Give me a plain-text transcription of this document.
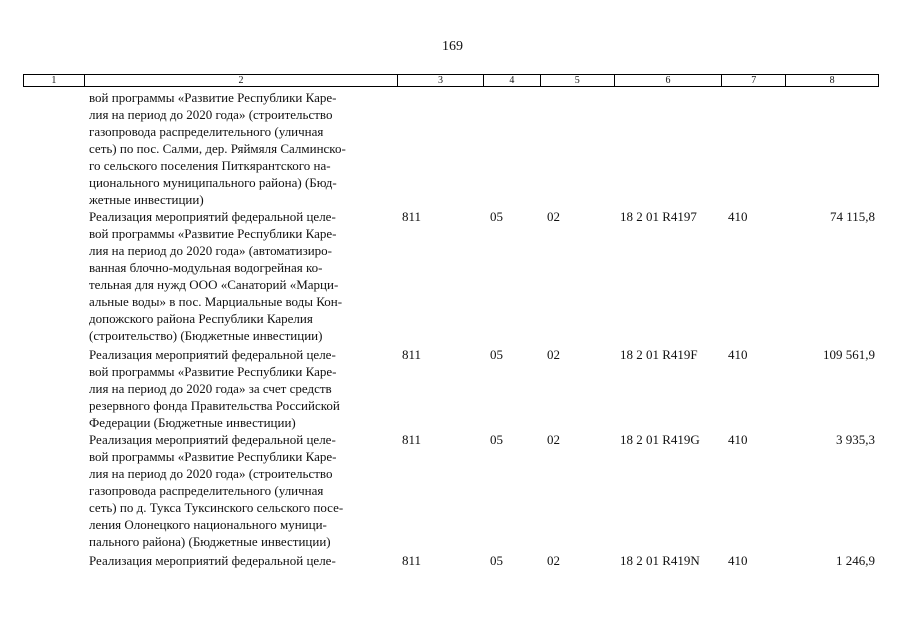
169
1	2	3	4	5	6	7	8
вой программы «Развитие Республики Каре-
лия на период до 2020 года» (строительство
газопровода распределительного (уличная
сеть) по пос. Салми, дер. Ряймяля Салминско-
го сельского поселения Питкярантского на-
ционального муниципального района) (Бюд-
жетные инвестиции)
Реализация мероприятий федеральной целе-
вой программы «Развитие Республики Каре-
лия на период до 2020 года» (автоматизиро-
ванная блочно-модульная водогрейная ко-
тельная для нужд ООО «Санаторий «Марци-
альные воды» в пос. Марциальные воды Кон-
допожского района Республики Карелия
(строительство) (Бюджетные инвестиции)
811	05	02	18 2 01 R4197 410	74 115,8
Реализация мероприятий федеральной целе-
вой программы «Развитие Республики Каре-
лия на период до 2020 года» за счет средств
резервного фонда Правительства Российской
Федерации (Бюджетные инвестиции)
811	05	02	18 2 01 R419F 410	109 561,9
Реализация мероприятий федеральной целе-
вой программы «Развитие Республики Каре-
лия на период до 2020 года» (строительство
газопровода распределительного (уличная
сеть) по д. Тукса Туксинского сельского посе-
ления Олонецкого национального муници-
пального района) (Бюджетные инвестиции)
811	05	02	18 2 01 R419G 410	3 935,3
Реализация мероприятий федеральной целе-	811	05	02	18 2 01 R419N 410	1 246,9
